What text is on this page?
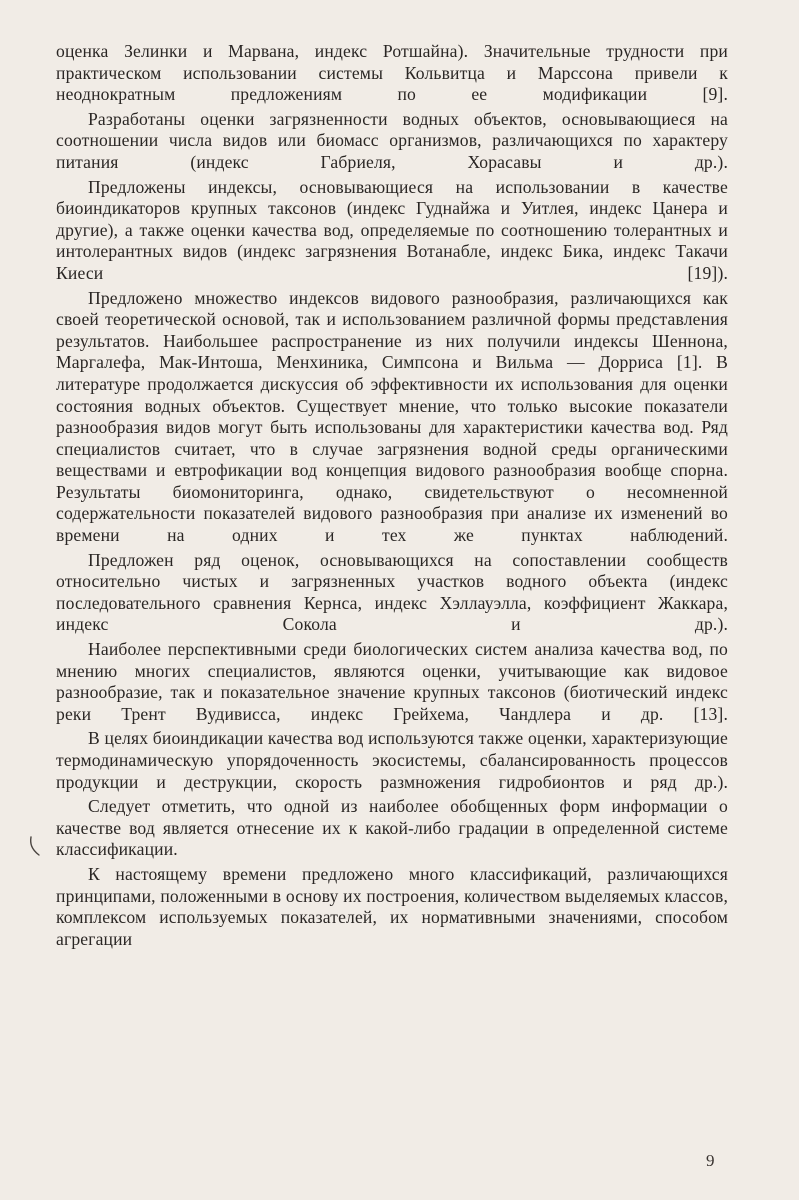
оценка Зелинки и Марвана, индекс Ротшайна). Значительные трудности при практическом использовании системы Кольвитца и Марссона привели к неоднократным предложениям по ее модификации [9].

Разработаны оценки загрязненности водных объектов, основывающиеся на соотношении числа видов или биомасс организмов, различающихся по характеру питания (индекс Габриеля, Хорасавы и др.).

Предложены индексы, основывающиеся на использовании в качестве биоиндикаторов крупных таксонов (индекс Гуднайжа и Уитлея, индекс Цанера и другие), а также оценки качества вод, определяемые по соотношению толерантных и интолерантных видов (индекс загрязнения Вотанабле, индекс Бика, индекс Такачи Киеси [19]).

Предложено множество индексов видового разнообразия, различающихся как своей теоретической основой, так и использованием различной формы представления результатов. Наибольшее распространение из них получили индексы Шеннона, Маргалефа, Мак-Интоша, Менхиника, Симпсона и Вильма — Дорриса [1]. В литературе продолжается дискуссия об эффективности их использования для оценки состояния водных объектов. Существует мнение, что только высокие показатели разнообразия видов могут быть использованы для характеристики качества вод. Ряд специалистов считает, что в случае загрязнения водной среды органическими веществами и евтрофикации вод концепция видового разнообразия вообще спорна. Результаты биомониторинга, однако, свидетельствуют о несомненной содержательности показателей видового разнообразия при анализе их изменений во времени на одних и тех же пунктах наблюдений.

Предложен ряд оценок, основывающихся на сопоставлении сообществ относительно чистых и загрязненных участков водного объекта (индекс последовательного сравнения Кернса, индекс Хэллауэлла, коэффициент Жаккара, индекс Сокола и др.).

Наиболее перспективными среди биологических систем анализа качества вод, по мнению многих специалистов, являются оценки, учитывающие как видовое разнообразие, так и показательное значение крупных таксонов (биотический индекс реки Трент Вудивисса, индекс Грейхема, Чандлера и др. [13].

В целях биоиндикации качества вод используются также оценки, характеризующие термодинамическую упорядоченность экосистемы, сбалансированность процессов продукции и деструкции, скорость размножения гидробионтов и ряд др.).

Следует отметить, что одной из наиболее обобщенных форм информации о качестве вод является отнесение их к какой-либо градации в определенной системе классификации.

К настоящему времени предложено много классификаций, различающихся принципами, положенными в основу их построения, количеством выделяемых классов, комплексом используемых показателей, их нормативными значениями, способом агрегации

9
